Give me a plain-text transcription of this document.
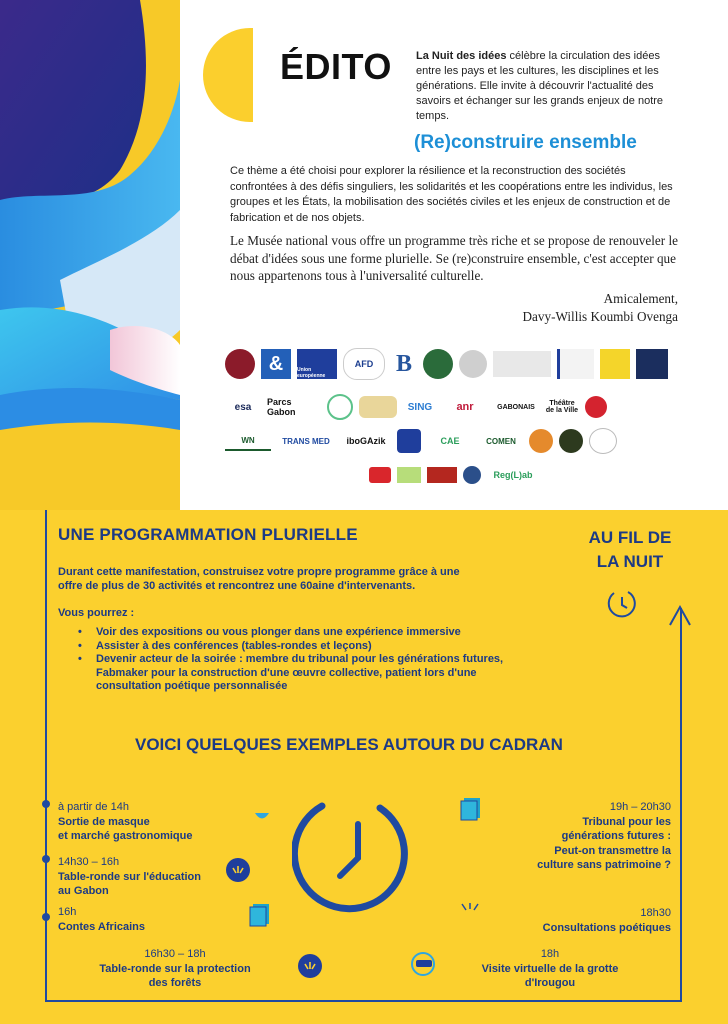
ÉDITO La Nuit des idées célèbre la circulation des idées entre les pays et les cultures, les disciplines et les générations. Elle invite à découvrir l'actualité des savoirs et échanger sur les grands enjeux de notre temps.
(Re)construire ensemble
Ce thème a été choisi pour explorer la résilience et la reconstruction des sociétés confrontées à des défis singuliers, les solidarités et les coopérations entre les individus, les groupes et les États, la mobilisation des sociétés civiles et les enjeux de construction et de fabrication et de nos objets.
Le Musée national vous offre un programme très riche et se propose de renouveler le débat d'idées sous une forme plurielle. Se (re)construire ensemble, c'est accepter que nous appartenons tous à l'universalité culturelle.
Amicalement,
Davy-Willis Koumbi Ovenga
&	Union européenne
AFD B
esa	Parcs Gabon	SING	anr	GABONAIS	Théâtre de la Ville
WN	TRANS MED	iboGAzik	CAE	COMEN
Reg(L)ab
UNE PROGRAMMATION PLURIELLE	AU FIL DE
LA NUIT
Durant cette manifestation, construisez votre propre programme grâce à une offre de plus de 30 activités et rencontrez une 60aine d'intervenants.
Vous pourrez :
• Voir des expositions ou vous plonger dans une expérience immersive
• Assister à des conférences (tables-rondes et leçons)
• Devenir acteur de la soirée : membre du tribunal pour les générations futures, Fabmaker pour la construction d'une œuvre collective, patient lors d'une consultation poétique personnalisée
VOICI QUELQUES EXEMPLES AUTOUR DU CADRAN
à partir de 14h
Sortie de masque
et marché gastronomique
14h30 – 16h
Table-ronde sur l'éducation
au Gabon
16h
Contes Africains
16h30 – 18h
Table-ronde sur la protection
des forêts
19h – 20h30
Tribunal pour les
générations futures :
Peut-on transmettre la
culture sans patrimoine ?
18h30
Consultations poétiques
18h
Visite virtuelle de la grotte
d'Irougou
